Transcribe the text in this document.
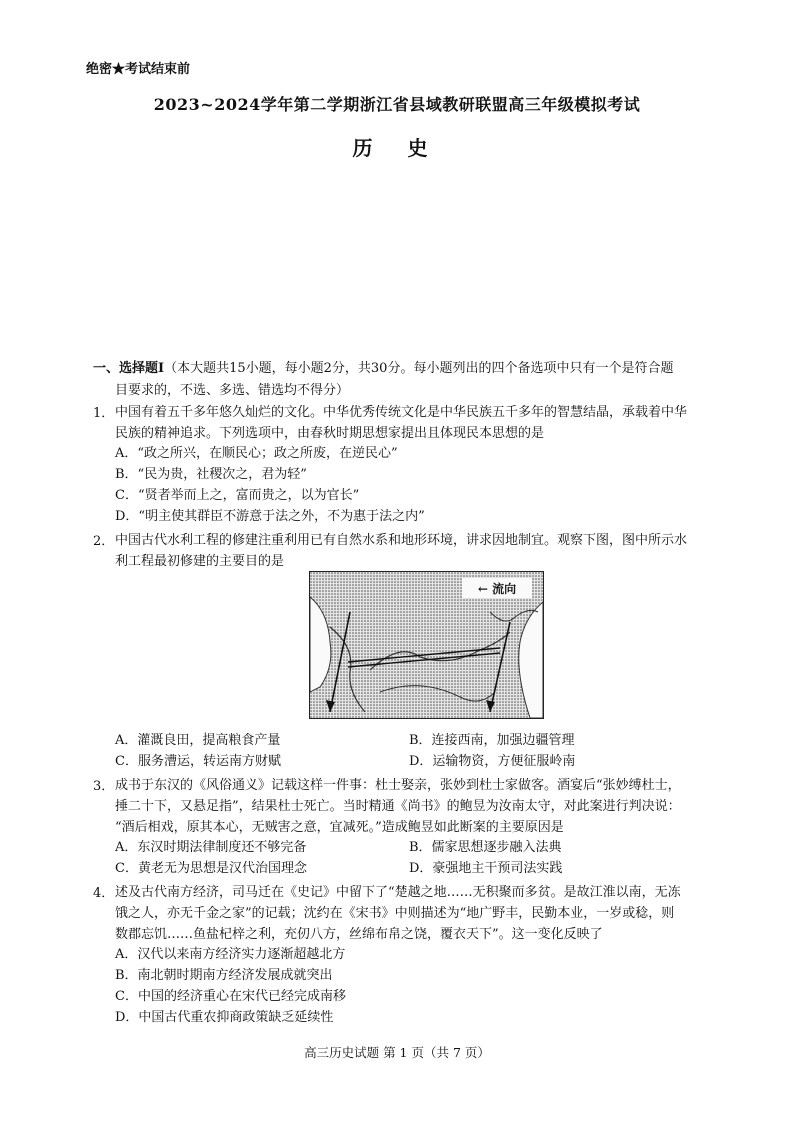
绝密★考试结束前
2023~2024学年第二学期浙江省县域教研联盟高三年级模拟考试
历 史
一、选择题Ⅰ（本大题共15小题，每小题2分，共30分。每小题列出的四个备选项中只有一个是符合题
目要求的，不选、多选、错选均不得分）
1． 中国有着五千多年悠久灿烂的文化。中华优秀传统文化是中华民族五千多年的智慧结晶，承载着中华
民族的精神追求。下列选项中，由春秋时期思想家提出且体现民本思想的是
A．“政之所兴，在顺民心；政之所废，在逆民心”
B．“民为贵，社稷次之，君为轻”
C．“贤者举而上之，富而贵之，以为官长”
D．“明主使其群臣不游意于法之外，不为惠于法之内”
2． 中国古代水利工程的修建注重利用已有自然水系和地形环境，讲求因地制宜。观察下图，图中所示水
利工程最初修建的主要目的是
← 流向
A．灌溉良田，提高粮食产量	B．连接西南，加强边疆管理
C．服务漕运，转运南方财赋	D．运输物资，方便征服岭南
3． 成书于东汉的《风俗通义》记载这样一件事：杜士娶亲，张妙到杜士家做客。酒宴后“张妙缚杜士，
捶二十下，又悬足指”，结果杜士死亡。当时精通《尚书》的鲍昱为汝南太守，对此案进行判决说：
“酒后相戏，原其本心，无贼害之意，宜减死。”造成鲍昱如此断案的主要原因是
A．东汉时期法律制度还不够完备	B．儒家思想逐步融入法典
C．黄老无为思想是汉代治国理念	D．豪强地主干预司法实践
4． 述及古代南方经济，司马迁在《史记》中留下了“楚越之地……无积聚而多贫。是故江淮以南，无冻
饿之人，亦无千金之家”的记载；沈约在《宋书》中则描述为“地广野丰，民勤本业，一岁或稔，则
数郡忘饥……鱼盐杞梓之利，充仞八方，丝绵布帛之饶，覆衣天下”。这一变化反映了
A．汉代以来南方经济实力逐渐超越北方
B．南北朝时期南方经济发展成就突出
C．中国的经济重心在宋代已经完成南移
D．中国古代重农抑商政策缺乏延续性
高三历史试题 第 1 页（共 7 页）
